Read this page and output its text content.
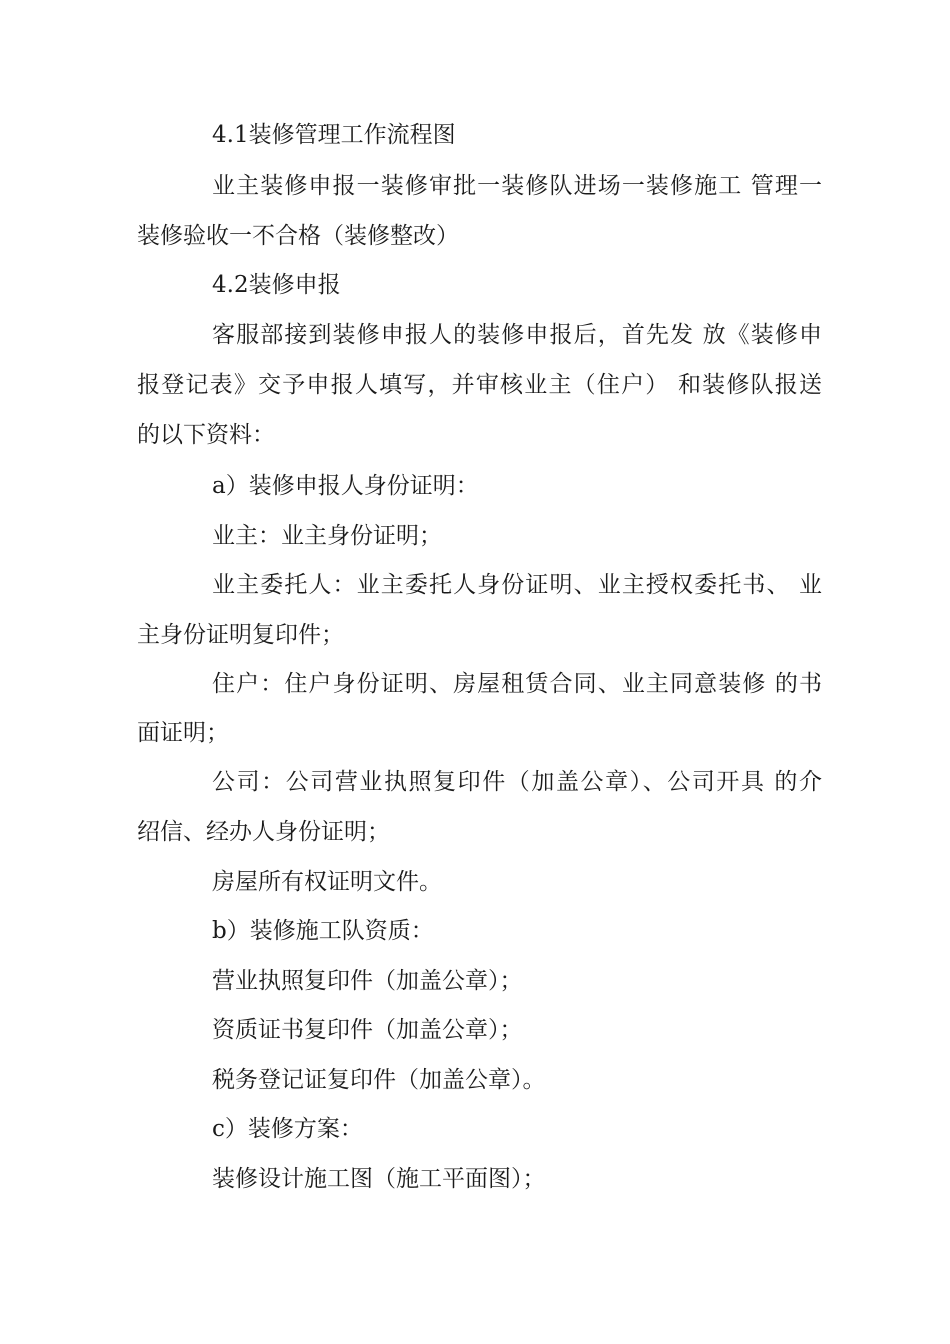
4.1装修管理工作流程图
业主装修申报一装修审批一装修队进场一装修施工 管理一
装修验收一不合格（装修整改）
4.2装修申报
客服部接到装修申报人的装修申报后，首先发 放《装修申
报登记表》交予申报人填写，并审核业主（住户） 和装修队报送
的以下资料：
a）装修申报人身份证明：
业主：业主身份证明；
业主委托人：业主委托人身份证明、业主授权委托书、 业
主身份证明复印件；
住户：住户身份证明、房屋租赁合同、业主同意装修 的书
面证明；
公司：公司营业执照复印件（加盖公章）、公司开具 的介
绍信、经办人身份证明；
房屋所有权证明文件。
b）装修施工队资质：
营业执照复印件（加盖公章）；
资质证书复印件（加盖公章）；
税务登记证复印件（加盖公章）。
c）装修方案：
装修设计施工图（施工平面图）；
